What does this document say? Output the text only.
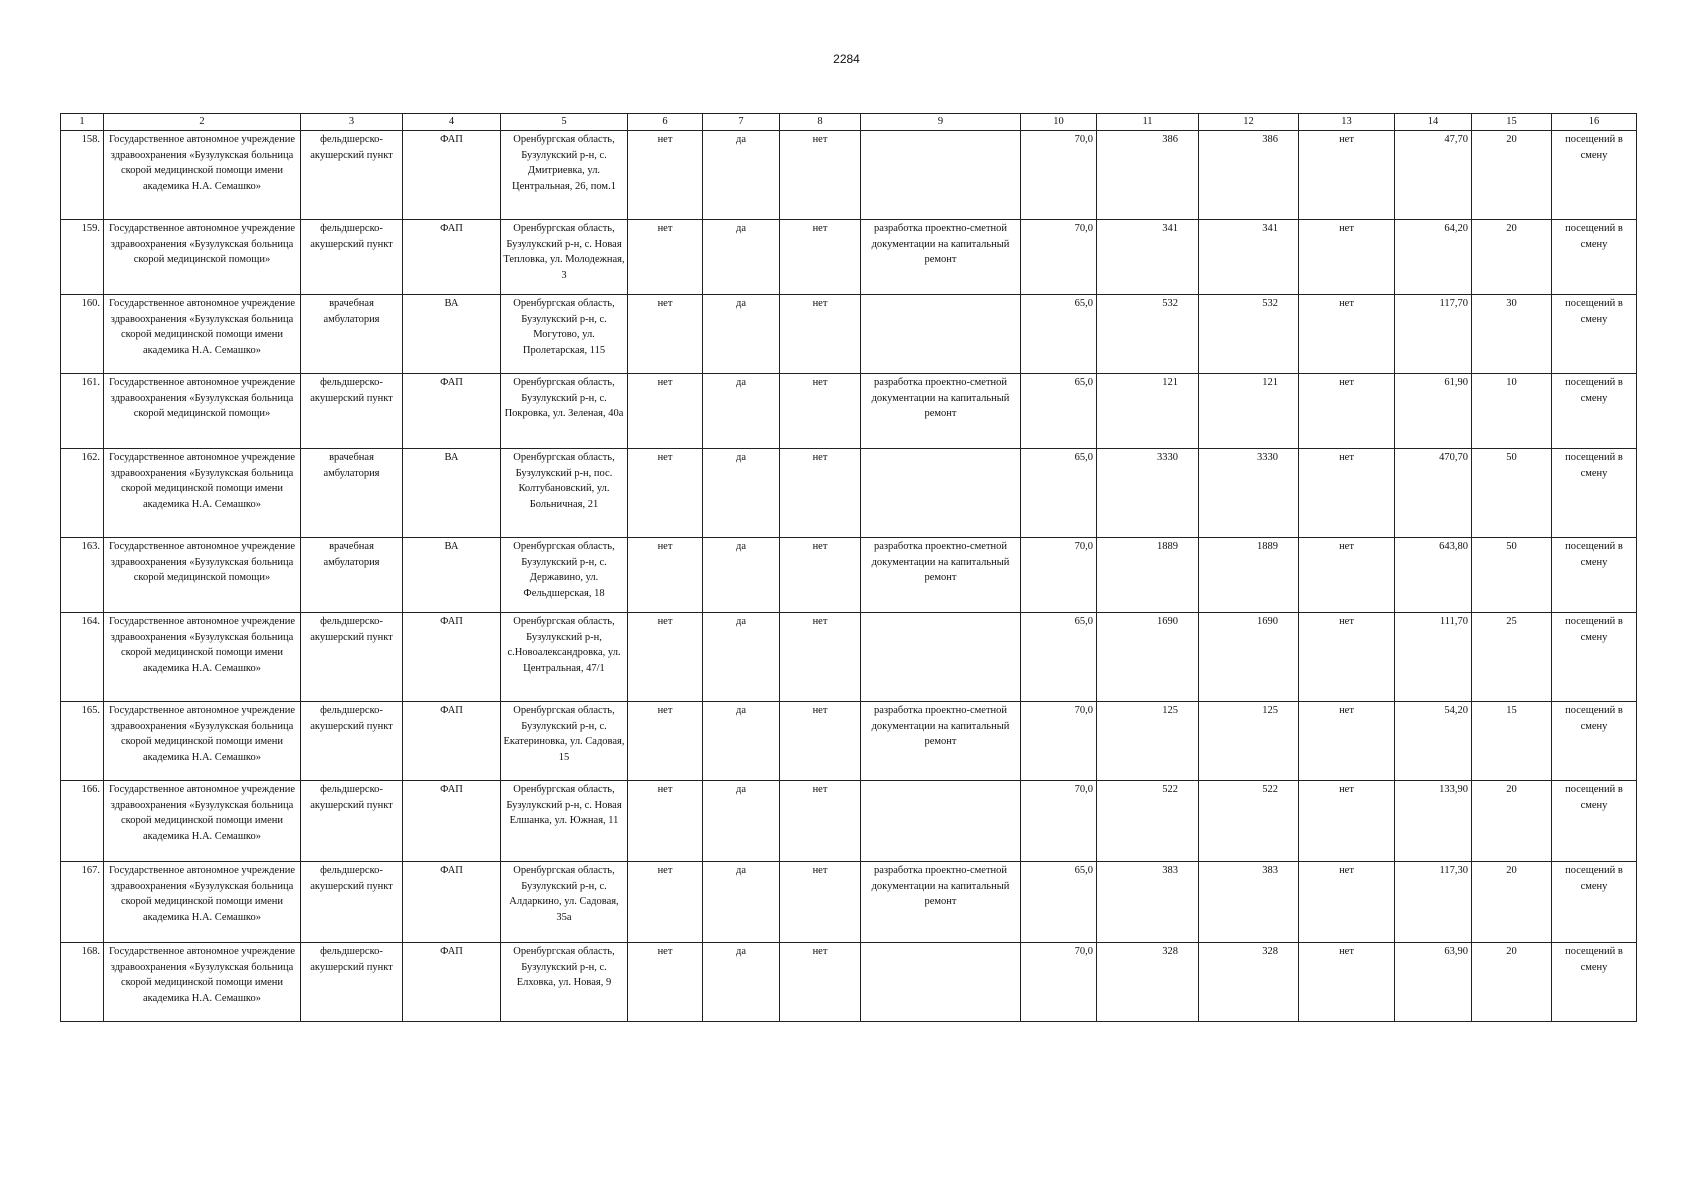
2284
1	2	3	4	5	6	7	8	9	10	11	12	13	14	15	16
158.	Государственное автономное учреждение здравоохранения «Бузулукская больница скорой медицинской помощи имени академика Н.А. Семашко»	фельдшерско-акушерский пункт	ФАП	Оренбургская область, Бузулукский р-н, с. Дмитриевка, ул. Центральная, 26, пом.1	нет	да	нет		70,0	386	386	нет	47,70	20	посещений в смену
159.	Государственное автономное учреждение здравоохранения «Бузулукская больница скорой медицинской помощи»	фельдшерско-акушерский пункт	ФАП	Оренбургская область, Бузулукский р-н, с. Новая Тепловка, ул. Молодежная, 3	нет	да	нет	разработка проектно-сметной документации на капитальный ремонт	70,0	341	341	нет	64,20	20	посещений в смену
160.	Государственное автономное учреждение здравоохранения «Бузулукская больница скорой медицинской помощи имени академика Н.А. Семашко»	врачебная амбулатория	ВА	Оренбургская область, Бузулукский р-н, с. Могутово, ул. Пролетарская, 115	нет	да	нет		65,0	532	532	нет	117,70	30	посещений в смену
161.	Государственное автономное учреждение здравоохранения «Бузулукская больница скорой медицинской помощи»	фельдшерско-акушерский пункт	ФАП	Оренбургская область, Бузулукский р-н, с. Покровка, ул. Зеленая, 40а	нет	да	нет	разработка проектно-сметной документации на капитальный ремонт	65,0	121	121	нет	61,90	10	посещений в смену
162.	Государственное автономное учреждение здравоохранения «Бузулукская больница скорой медицинской помощи имени академика Н.А. Семашко»	врачебная амбулатория	ВА	Оренбургская область, Бузулукский р-н, пос. Колтубановский, ул. Больничная, 21	нет	да	нет		65,0	3330	3330	нет	470,70	50	посещений в смену
163.	Государственное автономное учреждение здравоохранения «Бузулукская больница скорой медицинской помощи»	врачебная амбулатория	ВА	Оренбургская область, Бузулукский р-н, с. Державино, ул. Фельдшерская, 18	нет	да	нет	разработка проектно-сметной документации на капитальный ремонт	70,0	1889	1889	нет	643,80	50	посещений в смену
164.	Государственное автономное учреждение здравоохранения «Бузулукская больница скорой медицинской помощи имени академика Н.А. Семашко»	фельдшерско-акушерский пункт	ФАП	Оренбургская область, Бузулукский р-н, с.Новоалександровка, ул. Центральная, 47/1	нет	да	нет		65,0	1690	1690	нет	111,70	25	посещений в смену
165.	Государственное автономное учреждение здравоохранения «Бузулукская больница скорой медицинской помощи имени академика Н.А. Семашко»	фельдшерско-акушерский пункт	ФАП	Оренбургская область, Бузулукский р-н, с. Екатериновка, ул. Садовая, 15	нет	да	нет	разработка проектно-сметной документации на капитальный ремонт	70,0	125	125	нет	54,20	15	посещений в смену
166.	Государственное автономное учреждение здравоохранения «Бузулукская больница скорой медицинской помощи имени академика Н.А. Семашко»	фельдшерско-акушерский пункт	ФАП	Оренбургская область, Бузулукский р-н, с. Новая Елшанка, ул. Южная, 11	нет	да	нет		70,0	522	522	нет	133,90	20	посещений в смену
167.	Государственное автономное учреждение здравоохранения «Бузулукская больница скорой медицинской помощи имени академика Н.А. Семашко»	фельдшерско-акушерский пункт	ФАП	Оренбургская область, Бузулукский р-н, с. Алдаркино, ул. Садовая, 35а	нет	да	нет	разработка проектно-сметной документации на капитальный ремонт	65,0	383	383	нет	117,30	20	посещений в смену
168.	Государственное автономное учреждение здравоохранения «Бузулукская больница скорой медицинской помощи имени академика Н.А. Семашко»	фельдшерско-акушерский пункт	ФАП	Оренбургская область, Бузулукский р-н, с. Елховка, ул. Новая, 9	нет	да	нет		70,0	328	328	нет	63,90	20	посещений в смену
